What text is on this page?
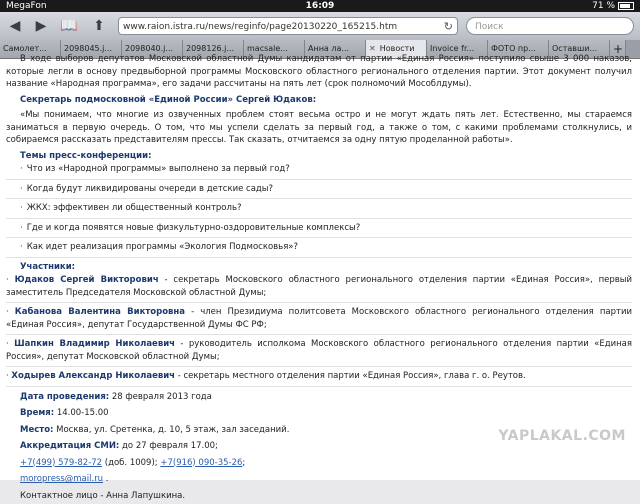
MegaFon	16:09	71 %
◀	▶ 📖	⬆	www.raion.istra.ru/news/reginfo/page20130220_165215.htm	↻	Поиск
Самолет...	2098045.j...	2098040.j...	2098126.j...	macsale...	Анна ла...	✕ Новости	Invoice fr...	ФОТО пр...	Оставши...	+

В ходе выборов депутатов Московской областной Думы кандидатам от партии «Единая Россия» поступило свыше 3 000 наказов, которые легли в основу предвыборной программы Московского областного регионального отделения партии. Этот документ получил название «Народная программа», его задачи рассчитаны на пять лет (срок полномочий Мособлдумы).

Секретарь подмосковной «Единой России» Сергей Юдаков:

«Мы понимаем, что многие из озвученных проблем стоят весьма остро и не могут ждать пять лет. Естественно, мы стараемся заниматься в первую очередь. О том, что мы успели сделать за первый год, а также о том, с какими проблемами столкнулись, и собираемся рассказать представителям прессы. Так сказать, отчитаемся за одну пятую проделанной работы».

Темы пресс-конференции:
· Что из «Народной программы» выполнено за первый год?
· Когда будут ликвидированы очереди в детские сады?
· ЖКХ: эффективен ли общественный контроль?
· Где и когда появятся новые физкультурно-оздоровительные комплексы?
· Как идет реализация программы «Экология Подмосковья»?
Участники:
· Юдаков Сергей Викторович - секретарь Московского областного регионального отделения партии «Единая Россия», первый заместитель Председателя Московской областной Думы;
· Кабанова Валентина Викторовна - член Президиума политсовета Московского областного регионального отделения партии «Единая Россия», депутат Государственной Думы ФС РФ;
· Шапкин Владимир Николаевич - руководитель исполкома Московского областного регионального отделения партии «Единая Россия», депутат Московской областной Думы;
· Ходырев Александр Николаевич - секретарь местного отделения партии «Единая Россия», глава г. о. Реутов.
Дата проведения: 28 февраля 2013 года
Время: 14.00-15.00
Место: Москва, ул. Сретенка, д. 10, 5 этаж, зал заседаний.
Аккредитация СМИ: до 27 февраля 17.00;
+7(499) 579-82-72 (доб. 1009); +7(916) 090-35-26;
moropress@mail.ru .
Контактное лицо - Анна Лапушкина.
YAPLAKAL.COM
